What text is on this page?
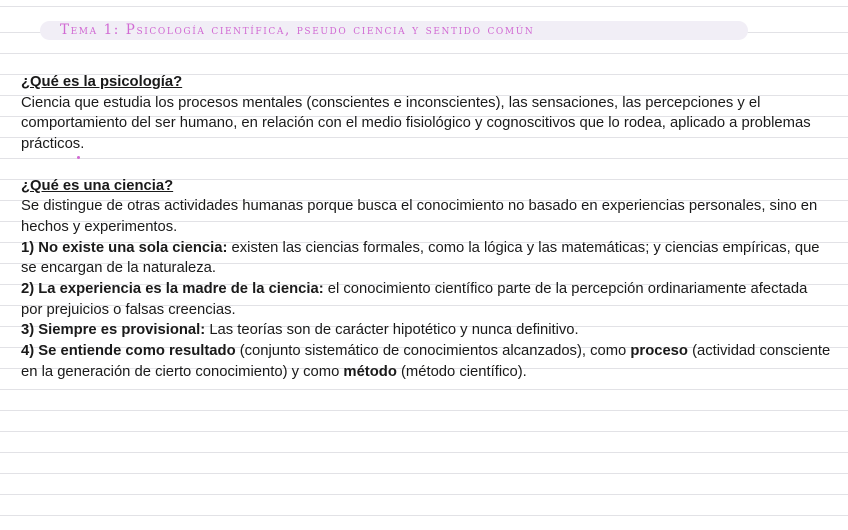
Tema 1: Psicología científica, pseudo ciencia y sentido común

¿Qué es la psicología?

Ciencia que estudia los procesos mentales (conscientes e inconscientes), las sensaciones, las percepciones y el comportamiento del ser humano, en relación con el medio fisiológico y cognoscitivos que lo rodea, aplicado a problemas prácticos.

¿Qué es una ciencia?

Se distingue de otras actividades humanas porque busca el conocimiento no basado en experiencias personales, sino en hechos y experimentos.

1) No existe una sola ciencia: existen las ciencias formales, como la lógica y las matemáticas; y ciencias empíricas, que se encargan de la naturaleza.

2) La experiencia es la madre de la ciencia: el conocimiento científico parte de la percepción ordinariamente afectada por prejuicios o falsas creencias.

3) Siempre es provisional: Las teorías son de carácter hipotético y nunca definitivo.

4) Se entiende como resultado (conjunto sistemático de conocimientos alcanzados), como proceso (actividad consciente en la generación de cierto conocimiento) y como método (método científico).
